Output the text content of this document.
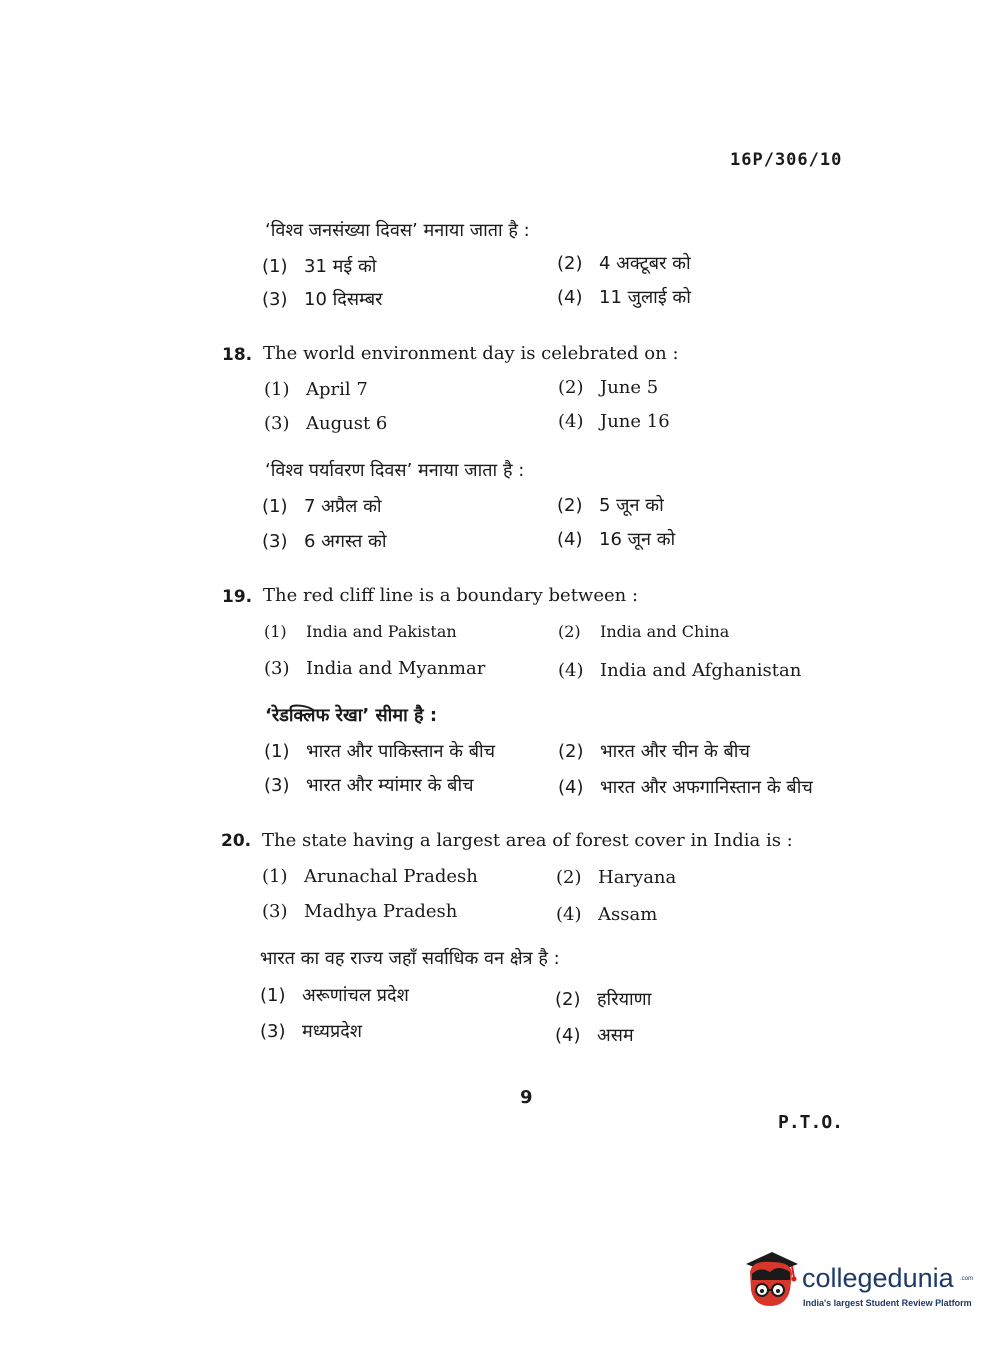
16P/306/10
‘विश्व जनसंख्या दिवस’ मनाया जाता है :
(1) 31 मई को	(2) 4 अक्टूबर को
(3) 10 दिसम्बर	(4) 11 जुलाई को
18. The world environment day is celebrated on :
(1) April 7	(2) June 5
(3) August 6	(4) June 16
‘विश्व पर्यावरण दिवस’ मनाया जाता है :
(1) 7 अप्रैल को	(2) 5 जून को
(3) 6 अगस्त को	(4) 16 जून को
19. The red cliff line is a boundary between :
(1) India and Pakistan	(2) India and China
(3) India and Myanmar	(4) India and Afghanistan
‘रेडक्लिफ रेखा’ सीमा है :
(1) भारत और पाकिस्तान के बीच	(2) भारत और चीन के बीच
(3) भारत और म्यांमार के बीच	(4) भारत और अफगानिस्तान के बीच
20. The state having a largest area of forest cover in India is :
(1) Arunachal Pradesh	(2) Haryana
(3) Madhya Pradesh	(4) Assam
भारत का वह राज्य जहाँ सर्वाधिक वन क्षेत्र है :
(1) अरूणांचल प्रदेश	(2) हरियाणा
(3) मध्यप्रदेश	(4) असम
9
P.T.O.
collegedunia .com
India's largest Student Review Platform
